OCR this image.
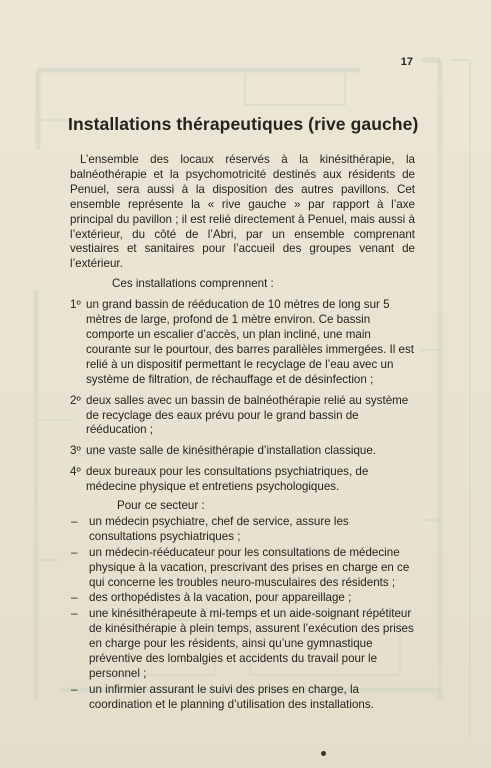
17
Installations thérapeutiques (rive gauche)

L’ensemble des locaux réservés à la kinésithérapie, la balnéothérapie et la psychomotricité destinés aux résidents de Penuel, sera aussi à la disposition des autres pavillons. Cet ensemble représente la « rive gauche » par rapport à l’axe principal du pavillon ; il est relié directement à Penuel, mais aussi à l’extérieur, du côté de l’Abri, par un ensemble comprenant vestiaires et sanitaires pour l’accueil des groupes venant de l’extérieur.

Ces installations comprennent :

1º un grand bassin de rééducation de 10 mètres de long sur 5 mètres de large, profond de 1 mètre environ. Ce bassin comporte un escalier d’accès, un plan incliné, une main courante sur le pourtour, des barres parallèles immergées. Il est relié à un dispositif permettant le recyclage de l’eau avec un système de filtration, de réchauffage et de désinfection ;

2º deux salles avec un bassin de balnéothérapie relié au système de recyclage des eaux prévu pour le grand bassin de rééducation ;

3º une vaste salle de kinésithérapie d’installation classique.

4º deux bureaux pour les consultations psychiatriques, de médecine physique et entretiens psychologiques.

Pour ce secteur :

– un médecin psychiatre, chef de service, assure les consultations psychiatriques ;

– un médecin-rééducateur pour les consultations de médecine physique à la vacation, prescrivant des prises en charge en ce qui concerne les troubles neuro-musculaires des résidents ;

– des orthopédistes à la vacation, pour appareillage ;

– une kinésithérapeute à mi-temps et un aide-soignant répétiteur de kinésithérapie à plein temps, assurent l’exécution des prises en charge pour les résidents, ainsi qu’une gymnastique préventive des lombalgies et accidents du travail pour le personnel ;

– un infirmier assurant le suivi des prises en charge, la coordination et le planning d’utilisation des installations.
